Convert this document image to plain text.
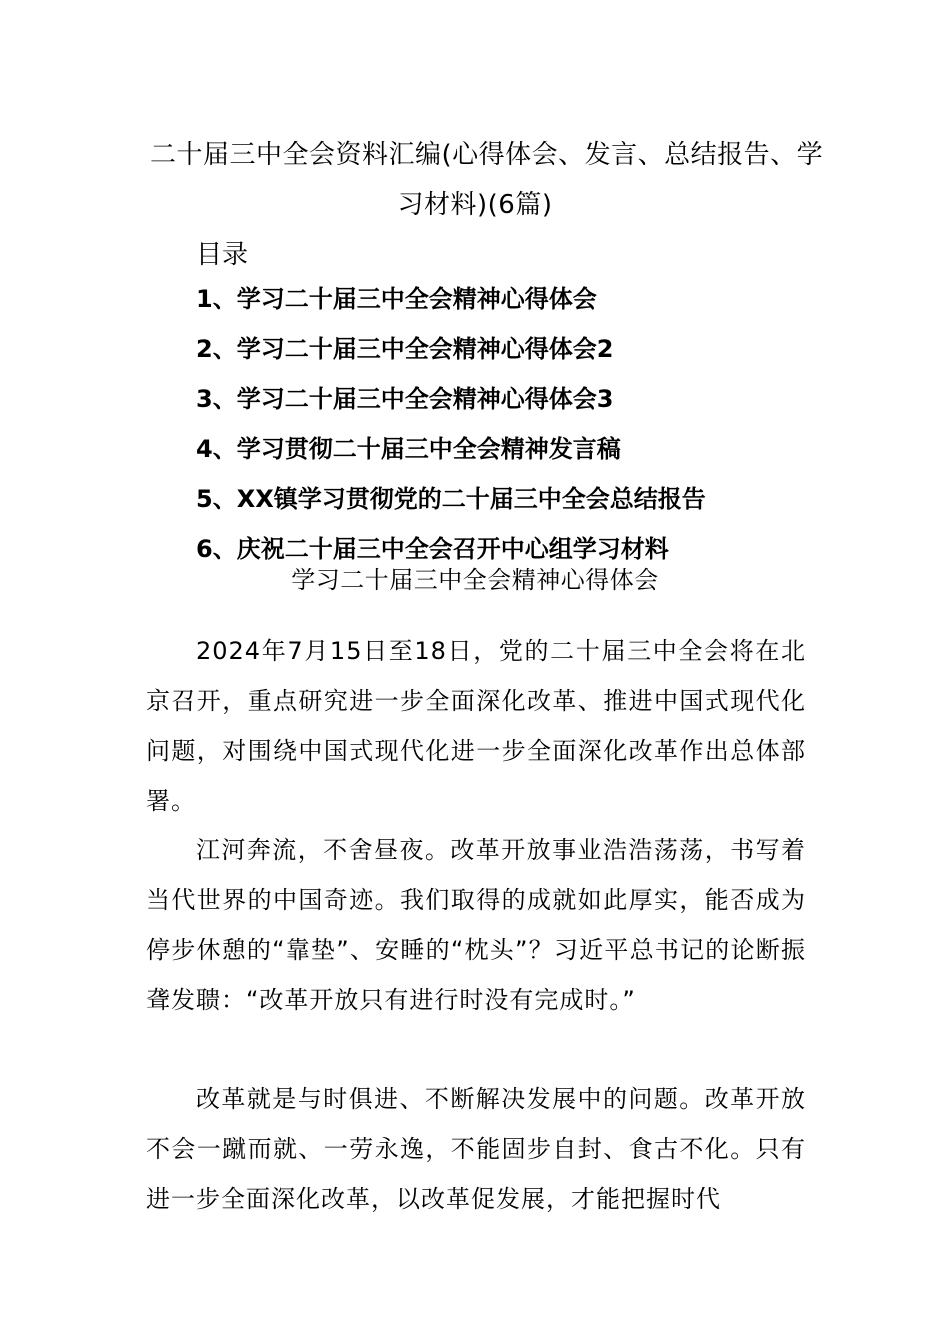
二十届三中全会资料汇编(心得体会、发言、总结报告、学
习材料)(6篇)
目录
1、学习二十届三中全会精神心得体会
2、学习二十届三中全会精神心得体会2
3、学习二十届三中全会精神心得体会3
4、学习贯彻二十届三中全会精神发言稿
5、XX镇学习贯彻党的二十届三中全会总结报告
6、庆祝二十届三中全会召开中心组学习材料
学习二十届三中全会精神心得体会

2024年7月15日至18日，党的二十届三中全会将在北京召开，重点研究进一步全面深化改革、推进中国式现代化问题，对围绕中国式现代化进一步全面深化改革作出总体部署。

江河奔流，不舍昼夜。改革开放事业浩浩荡荡，书写着当代世界的中国奇迹。我们取得的成就如此厚实，能否成为停步休憩的“靠垫”、安睡的“枕头”？习近平总书记的论断振聋发聩：“改革开放只有进行时没有完成时。”

改革就是与时俱进、不断解决发展中的问题。改革开放不会一蹴而就、一劳永逸，不能固步自封、食古不化。只有进一步全面深化改革，以改革促发展，才能把握时代
